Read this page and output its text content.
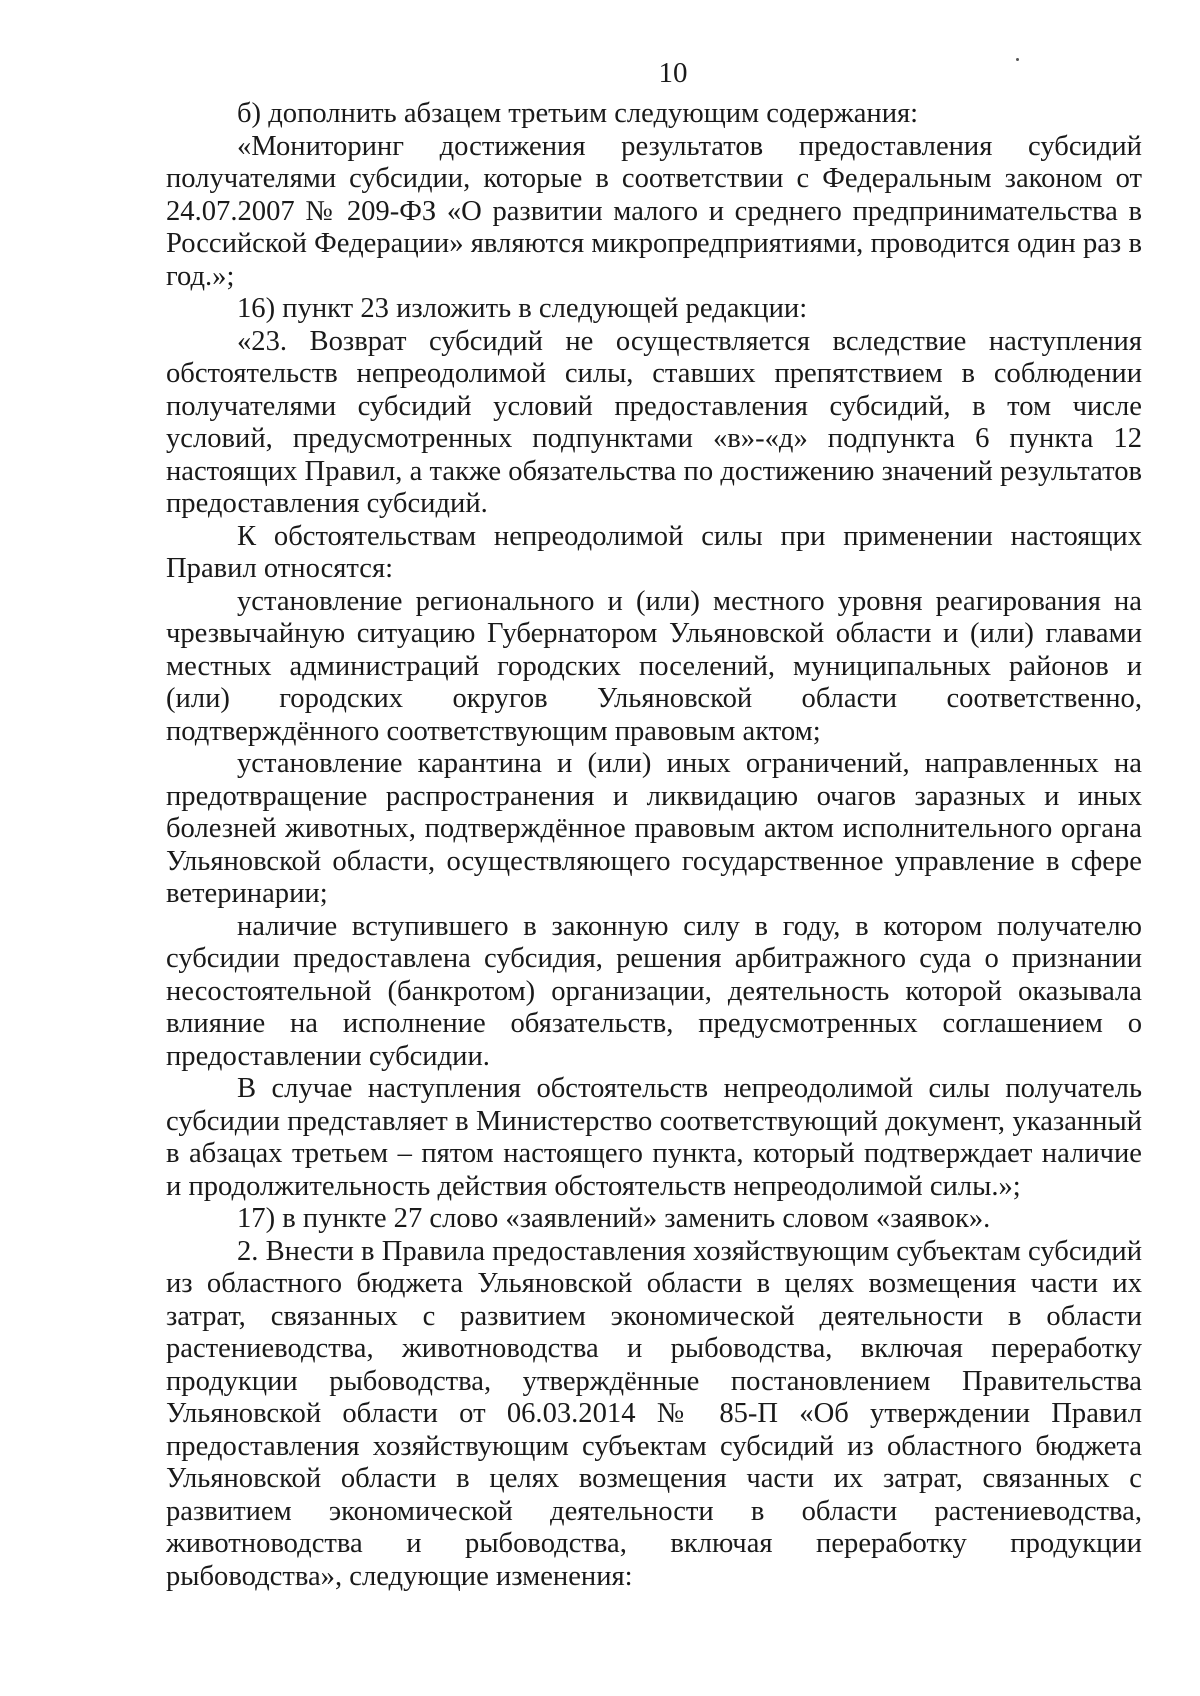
10

б) дополнить абзацем третьим следующим содержания:

«Мониторинг достижения результатов предоставления субсидий получателями субсидии, которые в соответствии с Федеральным законом от 24.07.2007 № 209-ФЗ «О развитии малого и среднего предпринимательства в Российской Федерации» являются микропредприятиями, проводится один раз в год.»;

16) пункт 23 изложить в следующей редакции:

«23. Возврат субсидий не осуществляется вследствие наступления обстоятельств непреодолимой силы, ставших препятствием в соблюдении получателями субсидий условий предоставления субсидий, в том числе условий, предусмотренных подпунктами «в»-«д» подпункта 6 пункта 12 настоящих Правил, а также обязательства по достижению значений результатов предоставления субсидий.

К обстоятельствам непреодолимой силы при применении настоящих Правил относятся:

установление регионального и (или) местного уровня реагирования на чрезвычайную ситуацию Губернатором Ульяновской области и (или) главами местных администраций городских поселений, муниципальных районов и (или) городских округов Ульяновской области соответственно, подтверждённого соответствующим правовым актом;

установление карантина и (или) иных ограничений, направленных на предотвращение распространения и ликвидацию очагов заразных и иных болезней животных, подтверждённое правовым актом исполнительного органа Ульяновской области, осуществляющего государственное управление в сфере ветеринарии;

наличие вступившего в законную силу в году, в котором получателю субсидии предоставлена субсидия, решения арбитражного суда о признании несостоятельной (банкротом) организации, деятельность которой оказывала влияние на исполнение обязательств, предусмотренных соглашением о предоставлении субсидии.

В случае наступления обстоятельств непреодолимой силы получатель субсидии представляет в Министерство соответствующий документ, указанный в абзацах третьем – пятом настоящего пункта, который подтверждает наличие и продолжительность действия обстоятельств непреодолимой силы.»;

17) в пункте 27 слово «заявлений» заменить словом «заявок».

2. Внести в Правила предоставления хозяйствующим субъектам субсидий из областного бюджета Ульяновской области в целях возмещения части их затрат, связанных с развитием экономической деятельности в области растениеводства, животноводства и рыбоводства, включая переработку продукции рыбоводства, утверждённые постановлением Правительства Ульяновской области от 06.03.2014 № 85-П «Об утверждении Правил предоставления хозяйствующим субъектам субсидий из областного бюджета Ульяновской области в целях возмещения части их затрат, связанных с развитием экономической деятельности в области растениеводства, животноводства и рыбоводства, включая переработку продукции рыбоводства», следующие изменения:
